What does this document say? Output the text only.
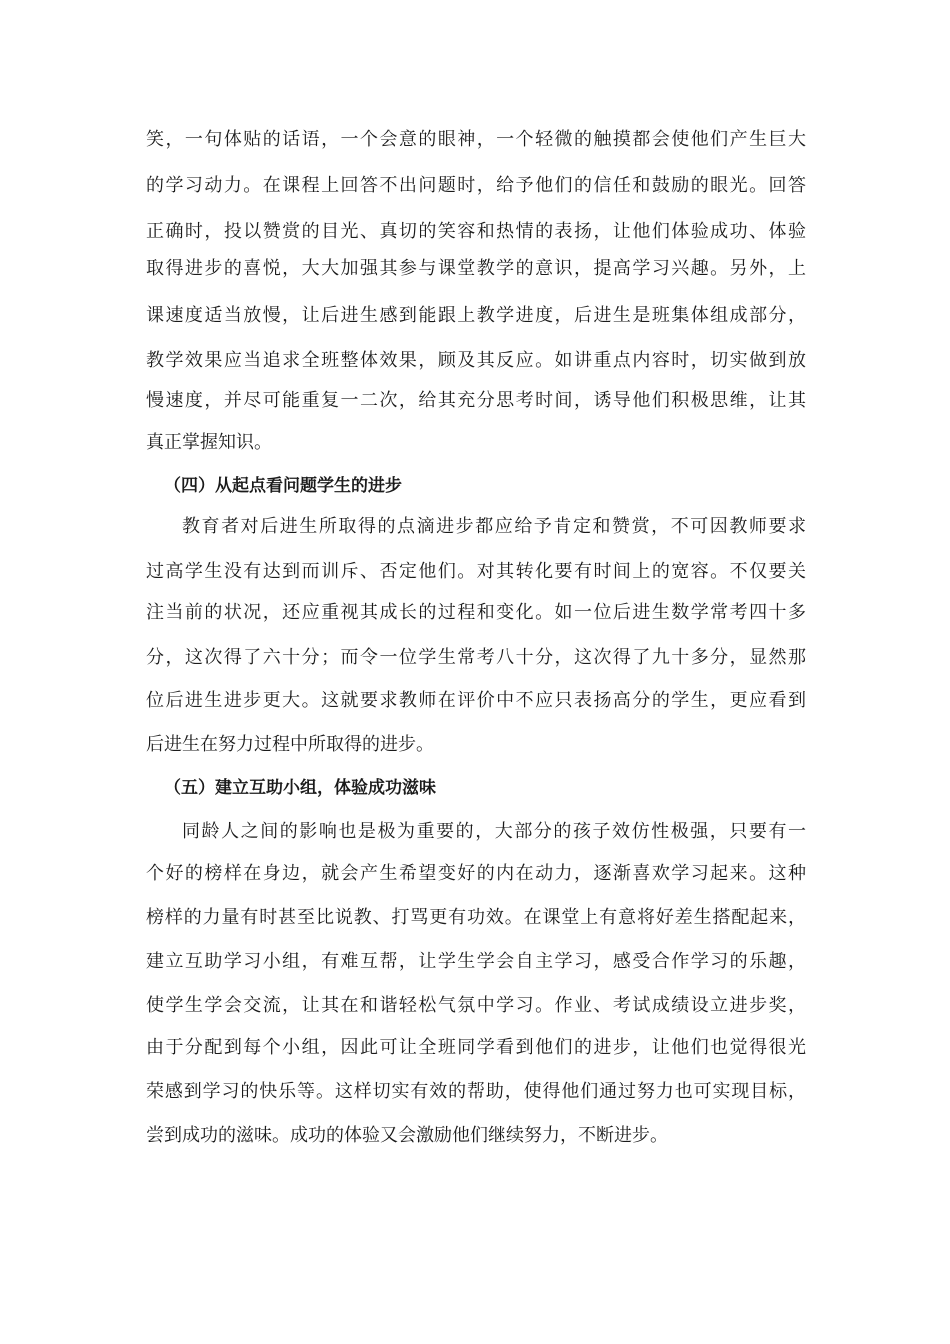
笑，一句体贴的话语，一个会意的眼神，一个轻微的触摸都会使他们产生巨大
的学习动力。在课程上回答不出问题时，给予他们的信任和鼓励的眼光。回答
正确时，投以赞赏的目光、真切的笑容和热情的表扬，让他们体验成功、体验
取得进步的喜悦，大大加强其参与课堂教学的意识，提高学习兴趣。另外，上
课速度适当放慢，让后进生感到能跟上教学进度，后进生是班集体组成部分，
教学效果应当追求全班整体效果，顾及其反应。如讲重点内容时，切实做到放
慢速度，并尽可能重复一二次，给其充分思考时间，诱导他们积极思维，让其
真正掌握知识。
（四）从起点看问题学生的进步
教育者对后进生所取得的点滴进步都应给予肯定和赞赏，不可因教师要求
过高学生没有达到而训斥、否定他们。对其转化要有时间上的宽容。不仅要关
注当前的状况，还应重视其成长的过程和变化。如一位后进生数学常考四十多
分，这次得了六十分；而令一位学生常考八十分，这次得了九十多分，显然那
位后进生进步更大。这就要求教师在评价中不应只表扬高分的学生，更应看到
后进生在努力过程中所取得的进步。
（五）建立互助小组，体验成功滋味
同龄人之间的影响也是极为重要的，大部分的孩子效仿性极强，只要有一
个好的榜样在身边，就会产生希望变好的内在动力，逐渐喜欢学习起来。这种
榜样的力量有时甚至比说教、打骂更有功效。在课堂上有意将好差生搭配起来，
建立互助学习小组，有难互帮，让学生学会自主学习，感受合作学习的乐趣，
使学生学会交流，让其在和谐轻松气氛中学习。作业、考试成绩设立进步奖，
由于分配到每个小组，因此可让全班同学看到他们的进步，让他们也觉得很光
荣感到学习的快乐等。这样切实有效的帮助，使得他们通过努力也可实现目标，
尝到成功的滋味。成功的体验又会激励他们继续努力，不断进步。
